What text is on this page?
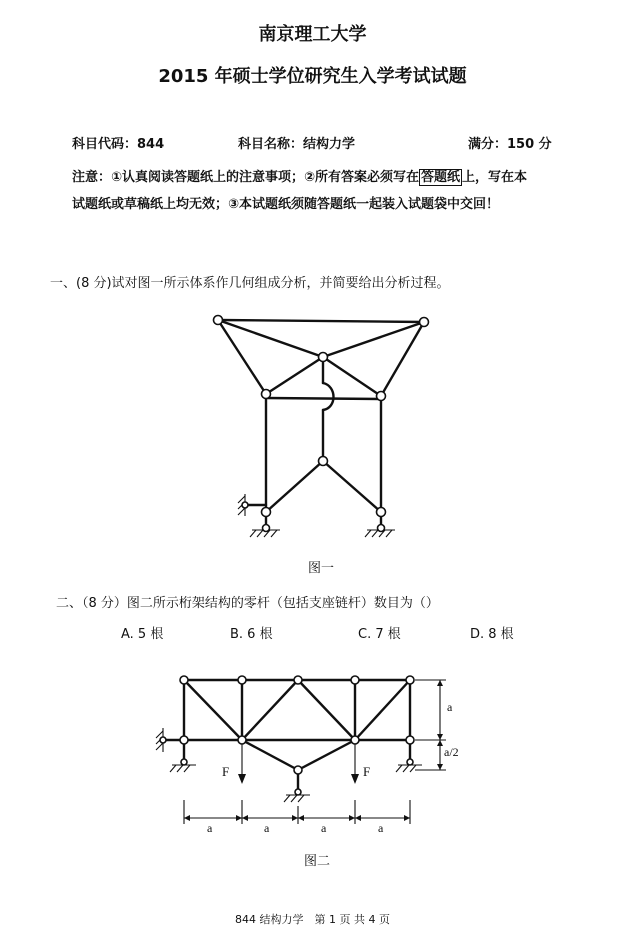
南京理工大学
2015 年硕士学位研究生入学考试试题
科目代码：844	科目名称：结构力学	满分：150 分
注意：①认真阅读答题纸上的注意事项；②所有答案必须写在 答题纸 上，写在本
试题纸或草稿纸上均无效；③本试题纸须随答题纸一起装入试题袋中交回！
一、(8 分)试对图一所示体系作几何组成分析，并简要给出分析过程。
图一
二、（8 分）图二所示桁架结构的零杆（包括支座链杆）数目为（）
A. 5 根	B. 6 根	C. 7 根	D. 8 根
F	F
a
a/2
a	a	a	a
图二
844 结构力学　第 1 页 共 4 页
